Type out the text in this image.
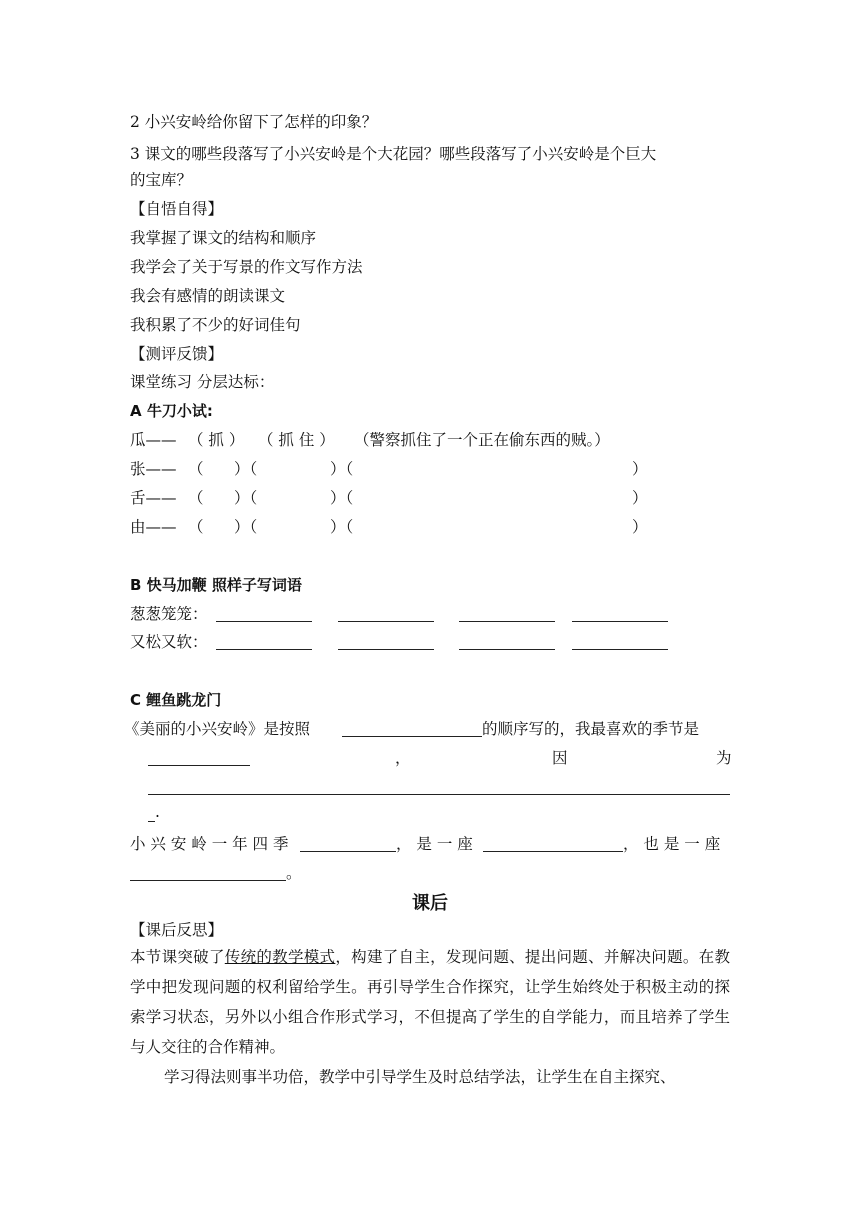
2 小兴安岭给你留下了怎样的印象？
3 课文的哪些段落写了小兴安岭是个大花园？哪些段落写了小兴安岭是个巨大
的宝库？
【自悟自得】
我掌握了课文的结构和顺序
我学会了关于写景的作文写作方法
我会有感情的朗读课文
我积累了不少的好词佳句
【测评反馈】
课堂练习 分层达标：
A 牛刀小试:
瓜—— （ 抓 ） （ 抓 住 ） （警察抓住了一个正在偷东西的贼。）
张—— （ ）（	）（	）
舌—— （ ）（	）（	）
由—— （ ）（	）（	）
B 快马加鞭 照样子写词语
葱葱笼笼：
又松又软：
C 鲤鱼跳龙门
《美丽的小兴安岭》是按照	的顺序写的，我最喜欢的季节是
，	因	为
.
小 兴 安 岭 一 年 四 季	， 是 一 座	， 也 是 一 座
。
课后
【课后反思】
本节课突破了传统的教学模式，构建了自主，发现问题、提出问题、并解决问题。在教学中把发现问题的权利留给学生。再引导学生合作探究，让学生始终处于积极主动的探索学习状态，另外以小组合作形式学习，不但提高了学生的自学能力，而且培养了学生与人交往的合作精神。
学习得法则事半功倍，教学中引导学生及时总结学法，让学生在自主探究、
